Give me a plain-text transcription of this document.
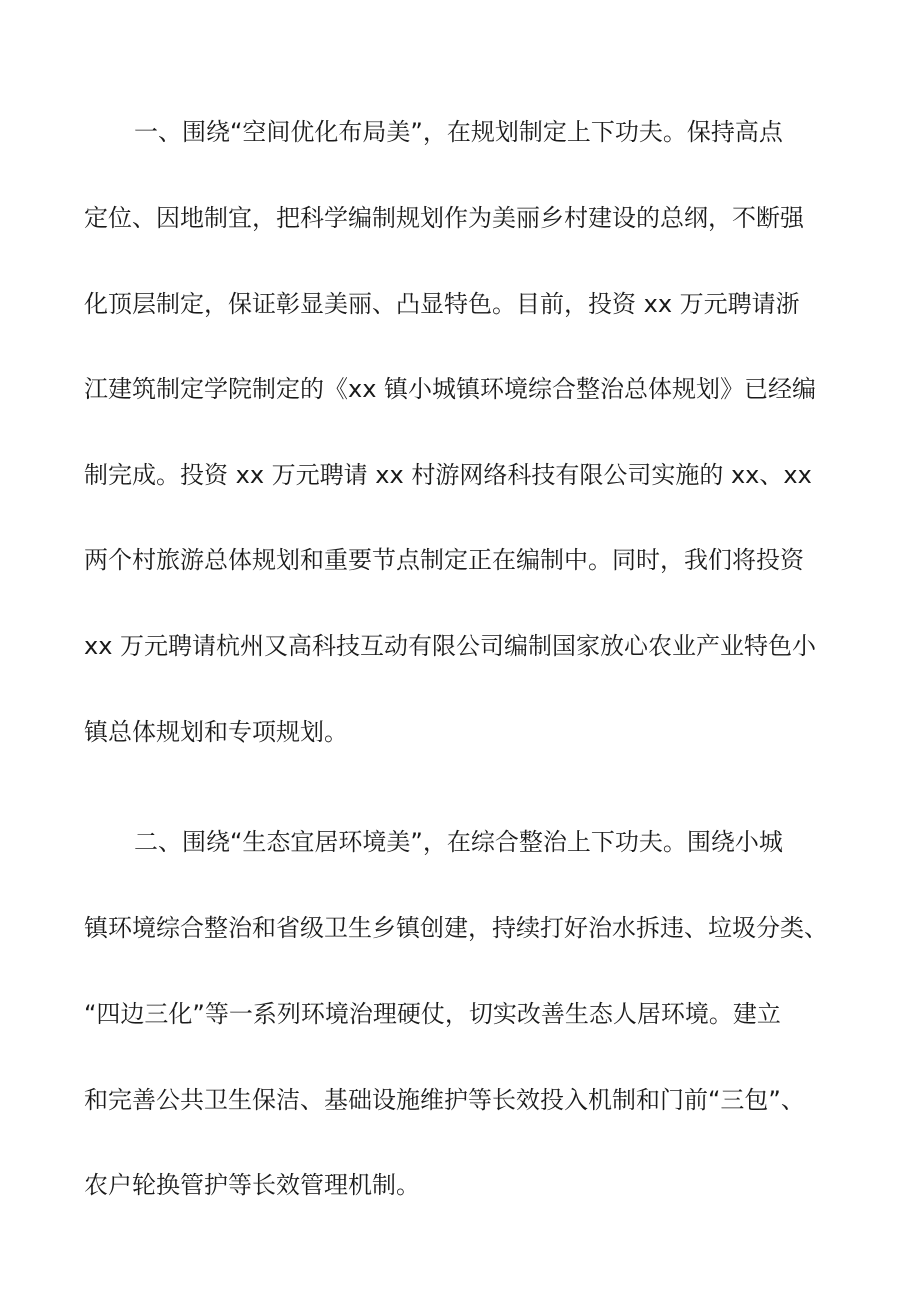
一、围绕“空间优化布局美”，在规划制定上下功夫。保持高点
定位、因地制宜，把科学编制规划作为美丽乡村建设的总纲，不断强
化顶层制定，保证彰显美丽、凸显特色。目前，投资 xx 万元聘请浙
江建筑制定学院制定的《xx 镇小城镇环境综合整治总体规划》已经编
制完成。投资 xx 万元聘请 xx 村游网络科技有限公司实施的 xx、xx
两个村旅游总体规划和重要节点制定正在编制中。同时，我们将投资
xx 万元聘请杭州又高科技互动有限公司编制国家放心农业产业特色小
镇总体规划和专项规划。
二、围绕“生态宜居环境美”，在综合整治上下功夫。围绕小城
镇环境综合整治和省级卫生乡镇创建，持续打好治水拆违、垃圾分类、
“四边三化”等一系列环境治理硬仗，切实改善生态人居环境。建立
和完善公共卫生保洁、基础设施维护等长效投入机制和门前“三包”、
农户轮换管护等长效管理机制。
